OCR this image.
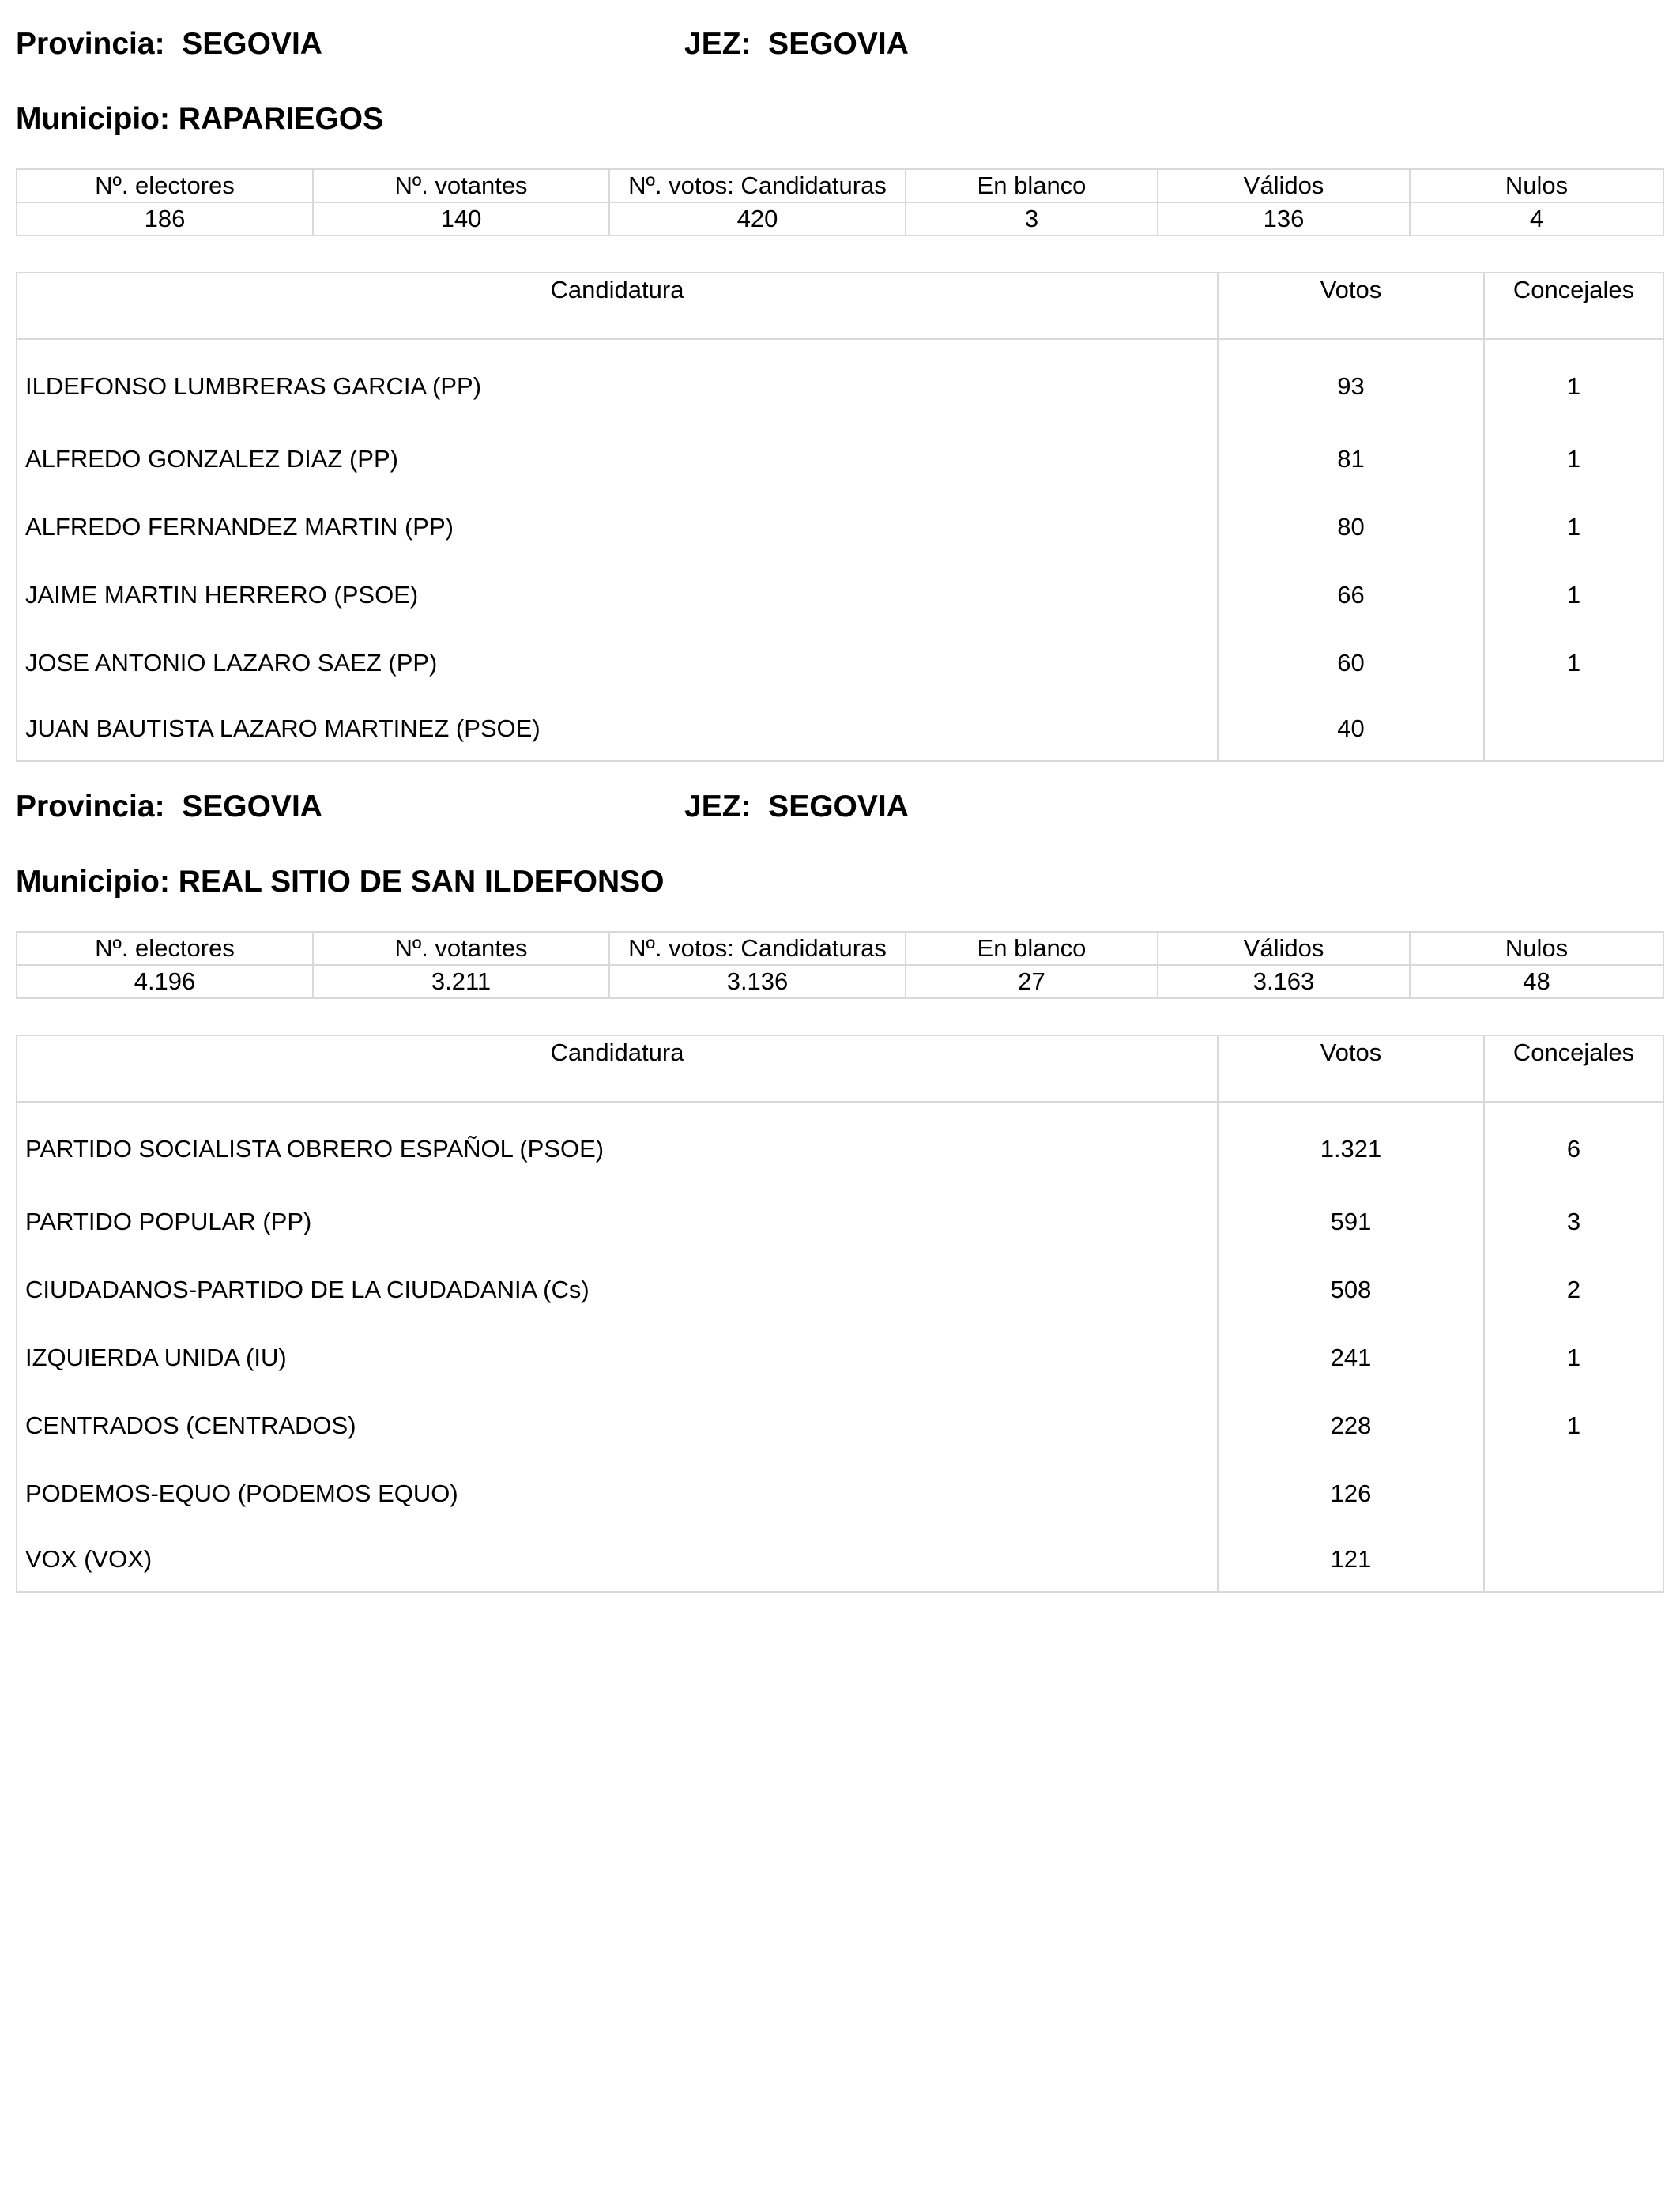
Provincia:  SEGOVIA	JEZ:  SEGOVIA
Municipio: RAPARIEGOS
Nº. electores	Nº. votantes	Nº. votos: Candidaturas	En blanco	Válidos	Nulos
186	140	420	3	136	4
Candidatura	Votos	Concejales
ILDEFONSO LUMBRERAS GARCIA (PP)	93	1
ALFREDO GONZALEZ DIAZ (PP)	81	1
ALFREDO FERNANDEZ MARTIN (PP)	80	1
JAIME MARTIN HERRERO (PSOE)	66	1
JOSE ANTONIO LAZARO SAEZ (PP)	60	1
JUAN BAUTISTA LAZARO MARTINEZ (PSOE)	40	
Provincia:  SEGOVIA	JEZ:  SEGOVIA
Municipio: REAL SITIO DE SAN ILDEFONSO
Nº. electores	Nº. votantes	Nº. votos: Candidaturas	En blanco	Válidos	Nulos
4.196	3.211	3.136	27	3.163	48
Candidatura	Votos	Concejales
PARTIDO SOCIALISTA OBRERO ESPAÑOL (PSOE)	1.321	6
PARTIDO POPULAR (PP)	591	3
CIUDADANOS-PARTIDO DE LA CIUDADANIA (Cs)	508	2
IZQUIERDA UNIDA (IU)	241	1
CENTRADOS (CENTRADOS)	228	1
PODEMOS-EQUO (PODEMOS EQUO)	126	
VOX (VOX)	121	
